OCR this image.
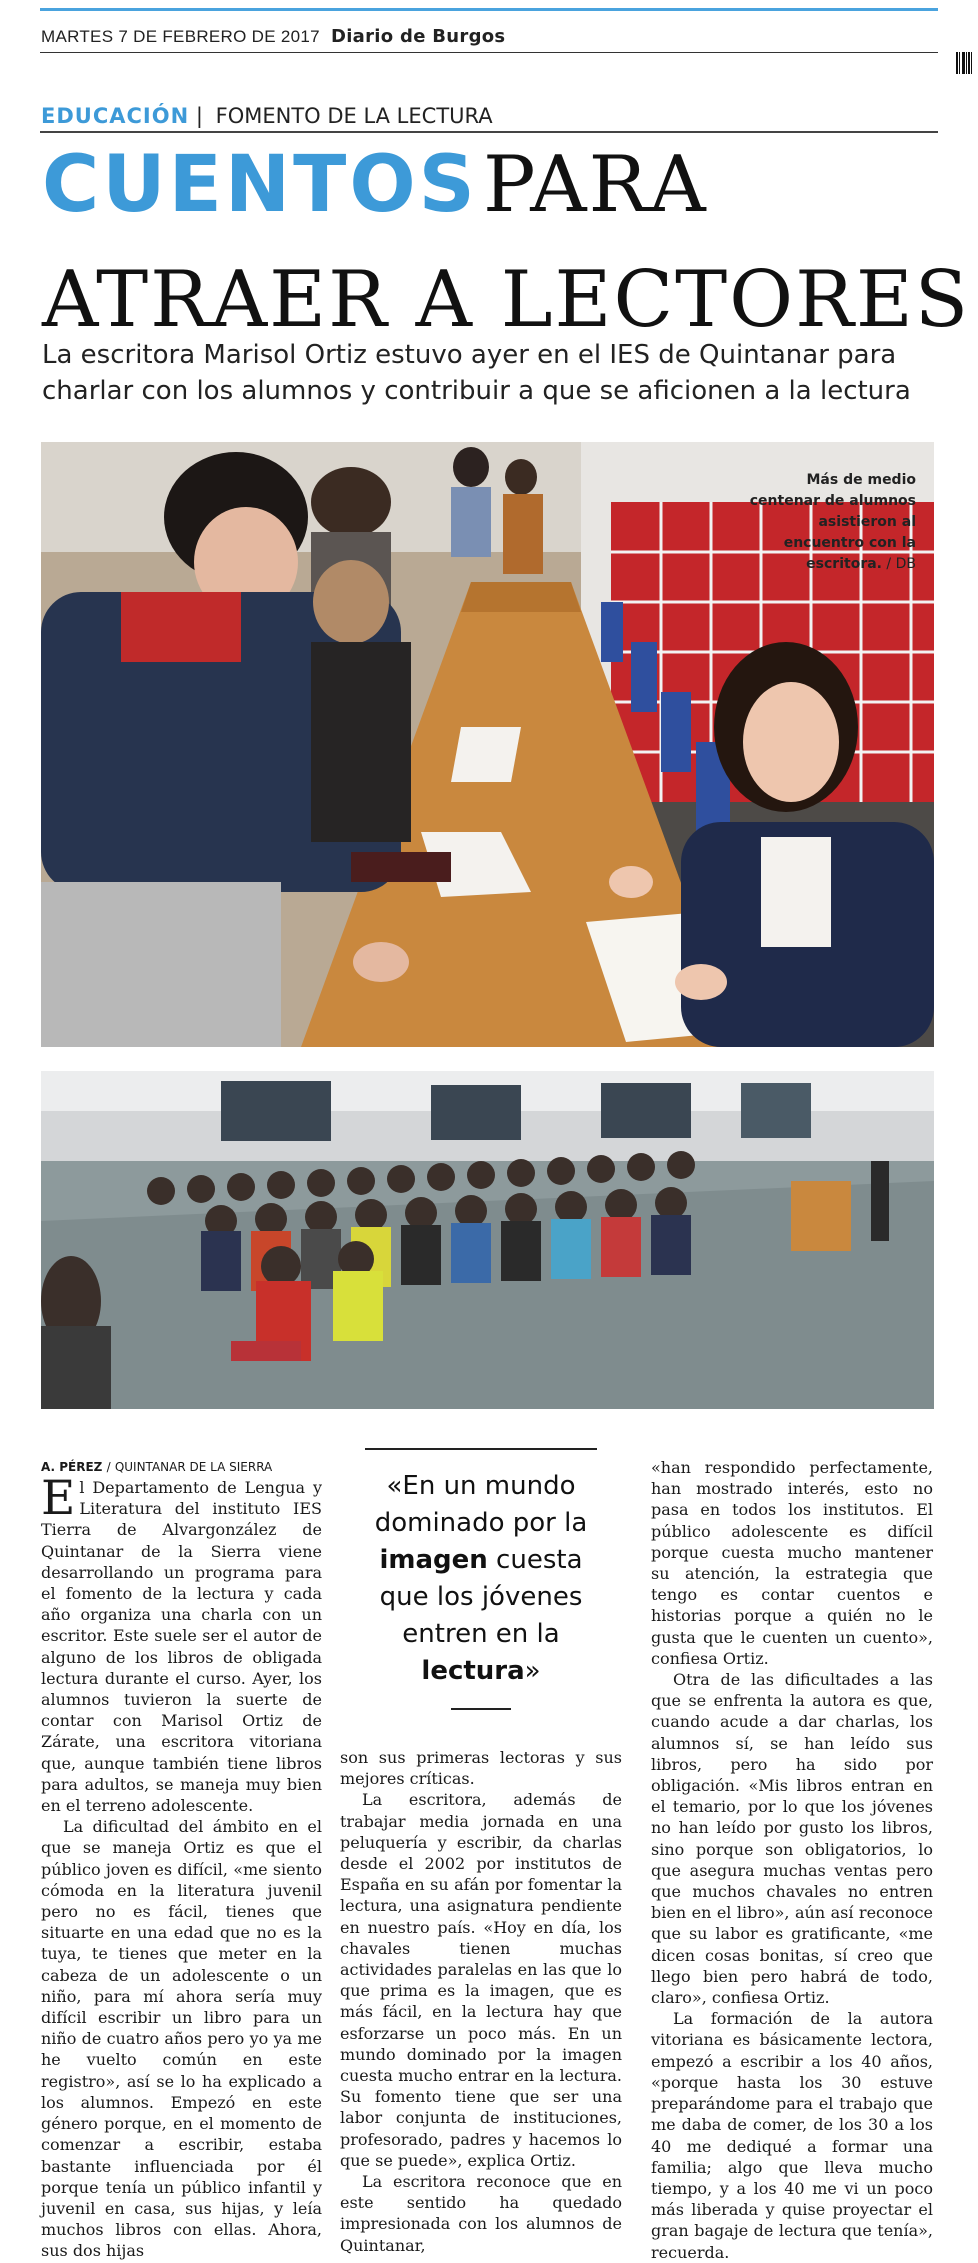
MARTES 7 DE FEBRERO DE 2017 Diario de Burgos
EDUCACIÓN | FOMENTO DE LA LECTURA
CUENTOS PARA
ATRAER A LECTORES
La escritora Marisol Ortiz estuvo ayer en el IES de Quintanar para charlar con los alumnos y contribuir a que se aficionen a la lectura
Más de medio centenar de alumnos asistieron al encuentro con la escritora. / DB
A. PÉREZ / QUINTANAR DE LA SIERRA

El Departamento de Lengua y Literatura del instituto IES Tierra de Alvargonzález de Quintanar de la Sierra viene desarrollando un programa para el fomento de la lectura y cada año organiza una charla con un escritor. Este suele ser el autor de alguno de los libros de obligada lectura durante el curso. Ayer, los alumnos tuvieron la suerte de contar con Marisol Ortiz de Zárate, una escritora vitoriana que, aunque también tiene libros para adultos, se maneja muy bien en el terreno adolescente.

La dificultad del ámbito en el que se maneja Ortiz es que el público joven es difícil, «me siento cómoda en la literatura juvenil pero no es fácil, tienes que situarte en una edad que no es la tuya, te tienes que meter en la cabeza de un adolescente o un niño, para mí ahora sería muy difícil escribir un libro para un niño de cuatro años pero yo ya me he vuelto común en este registro», así se lo ha explicado a los alumnos. Empezó en este género porque, en el momento de comenzar a escribir, estaba bastante influenciada por él porque tenía un público infantil y juvenil en casa, sus hijas, y leía muchos libros con ellas. Ahora, sus dos hijas

«En un mundo dominado por la imagen cuesta que los jóvenes entren en la lectura»

son sus primeras lectoras y sus mejores críticas.

La escritora, además de trabajar media jornada en una peluquería y escribir, da charlas desde el 2002 por institutos de España en su afán por fomentar la lectura, una asignatura pendiente en nuestro país. «Hoy en día, los chavales tienen muchas actividades paralelas en las que lo que prima es la imagen, que es más fácil, en la lectura hay que esforzarse un poco más. En un mundo dominado por la imagen cuesta mucho entrar en la lectura. Su fomento tiene que ser una labor conjunta de instituciones, profesorado, padres y hacemos lo que se puede», explica Ortiz.

La escritora reconoce que en este sentido ha quedado impresionada con los alumnos de Quintanar,

«han respondido perfectamente, han mostrado interés, esto no pasa en todos los institutos. El público adolescente es difícil porque cuesta mucho mantener su atención, la estrategia que tengo es contar cuentos e historias porque a quién no le gusta que le cuenten un cuento», confiesa Ortiz.

Otra de las dificultades a las que se enfrenta la autora es que, cuando acude a dar charlas, los alumnos sí, se han leído sus libros, pero ha sido por obligación. «Mis libros entran en el temario, por lo que los jóvenes no han leído por gusto los libros, sino porque son obligatorios, lo que asegura muchas ventas pero que muchos chavales no entren bien en el libro», aún así reconoce que su labor es gratificante, «me dicen cosas bonitas, sí creo que llego bien pero habrá de todo, claro», confiesa Ortiz.

La formación de la autora vitoriana es básicamente lectora, empezó a escribir a los 40 años, «porque hasta los 30 estuve preparándome para el trabajo que me daba de comer, de los 30 a los 40 me dediqué a formar una familia; algo que lleva mucho tiempo, y a los 40 me vi un poco más liberada y quise proyectar el gran bagaje de lectura que tenía», recuerda.
